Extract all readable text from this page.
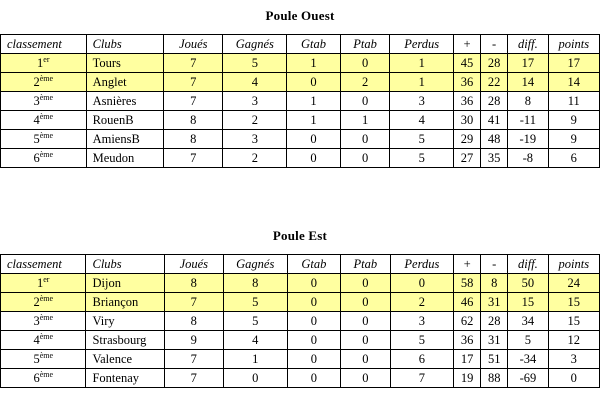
Poule Ouest
classement	Clubs	Joués	Gagnés	Gtab	Ptab	Perdus	+	-	diff.	points
1er	Tours	7	5	1	0	1	45	28	17	17
2ème	Anglet	7	4	0	2	1	36	22	14	14
3ème	Asnières	7	3	1	0	3	36	28	8	11
4ème	RouenB	8	2	1	1	4	30	41	-11	9
5ème	AmiensB	8	3	0	0	5	29	48	-19	9
6ème	Meudon	7	2	0	0	5	27	35	-8	6
Poule Est
classement	Clubs	Joués	Gagnés	Gtab	Ptab	Perdus	+	-	diff.	points
1er	Dijon	8	8	0	0	0	58	8	50	24
2ème	Briançon	7	5	0	0	2	46	31	15	15
3ème	Viry	8	5	0	0	3	62	28	34	15
4ème	Strasbourg	9	4	0	0	5	36	31	5	12
5ème	Valence	7	1	0	0	6	17	51	-34	3
6ème	Fontenay	7	0	0	0	7	19	88	-69	0
